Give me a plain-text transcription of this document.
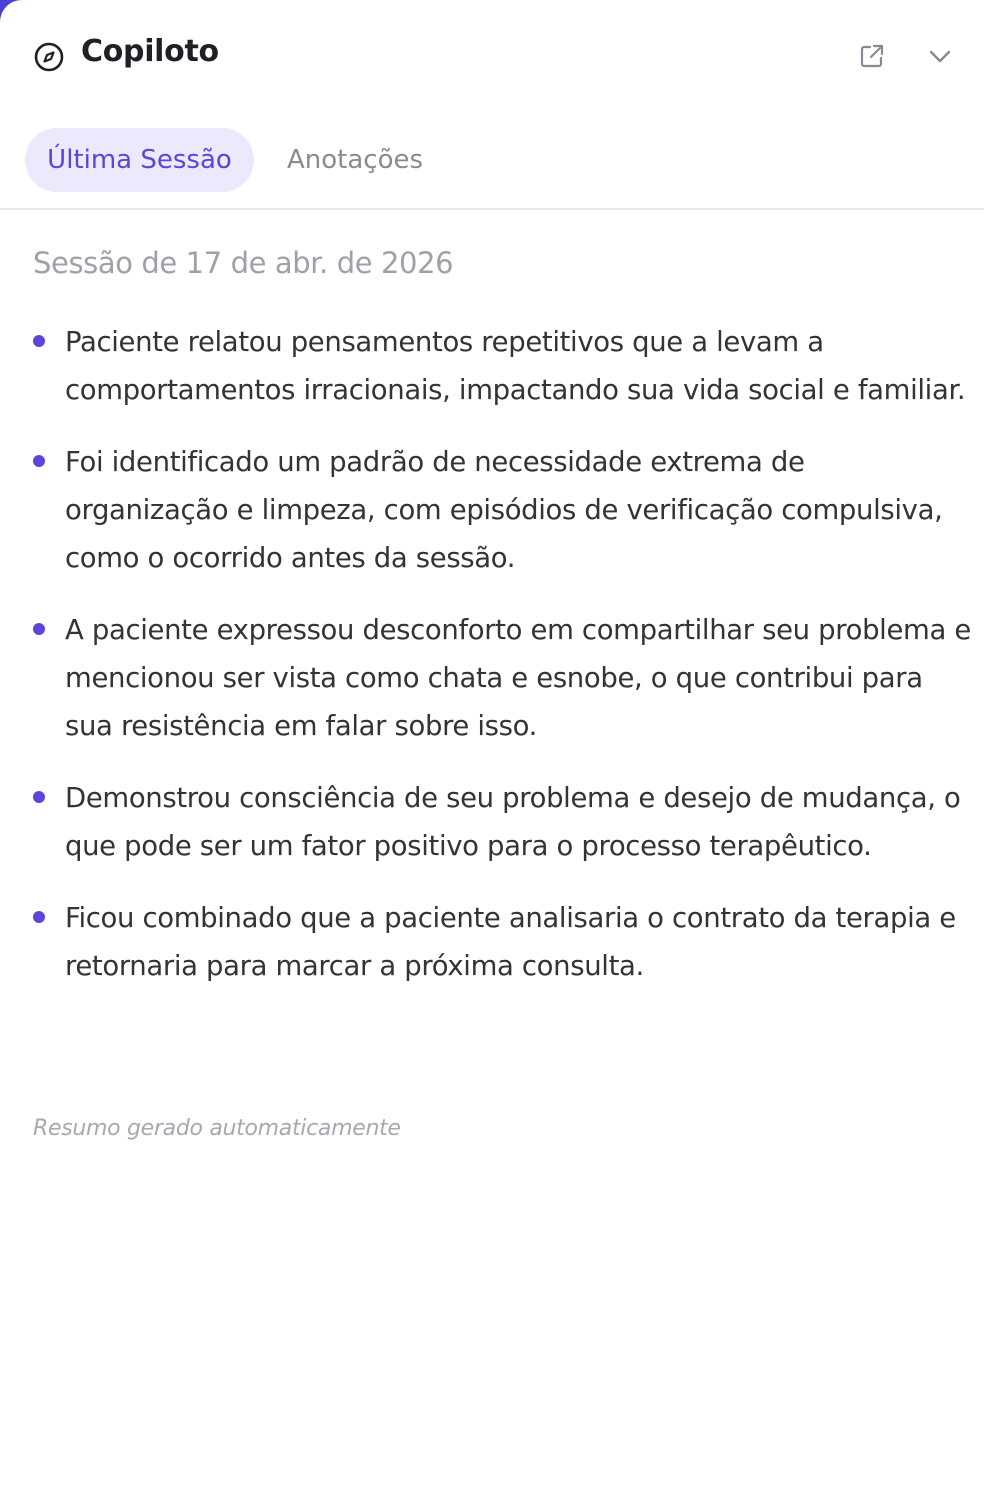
Copiloto
Última Sessão	Anotações
Sessão de 17 de abr. de 2026
Paciente relatou pensamentos repetitivos que a levam a comportamentos irracionais, impactando sua vida social e familiar.
Foi identificado um padrão de necessidade extrema de organização e limpeza, com episódios de verificação compulsiva, como o ocorrido antes da sessão.
A paciente expressou desconforto em compartilhar seu problema e mencionou ser vista como chata e esnobe, o que contribui para sua resistência em falar sobre isso.
Demonstrou consciência de seu problema e desejo de mudança, o que pode ser um fator positivo para o processo terapêutico.
Ficou combinado que a paciente analisaria o contrato da terapia e retornaria para marcar a próxima consulta.
Resumo gerado automaticamente
